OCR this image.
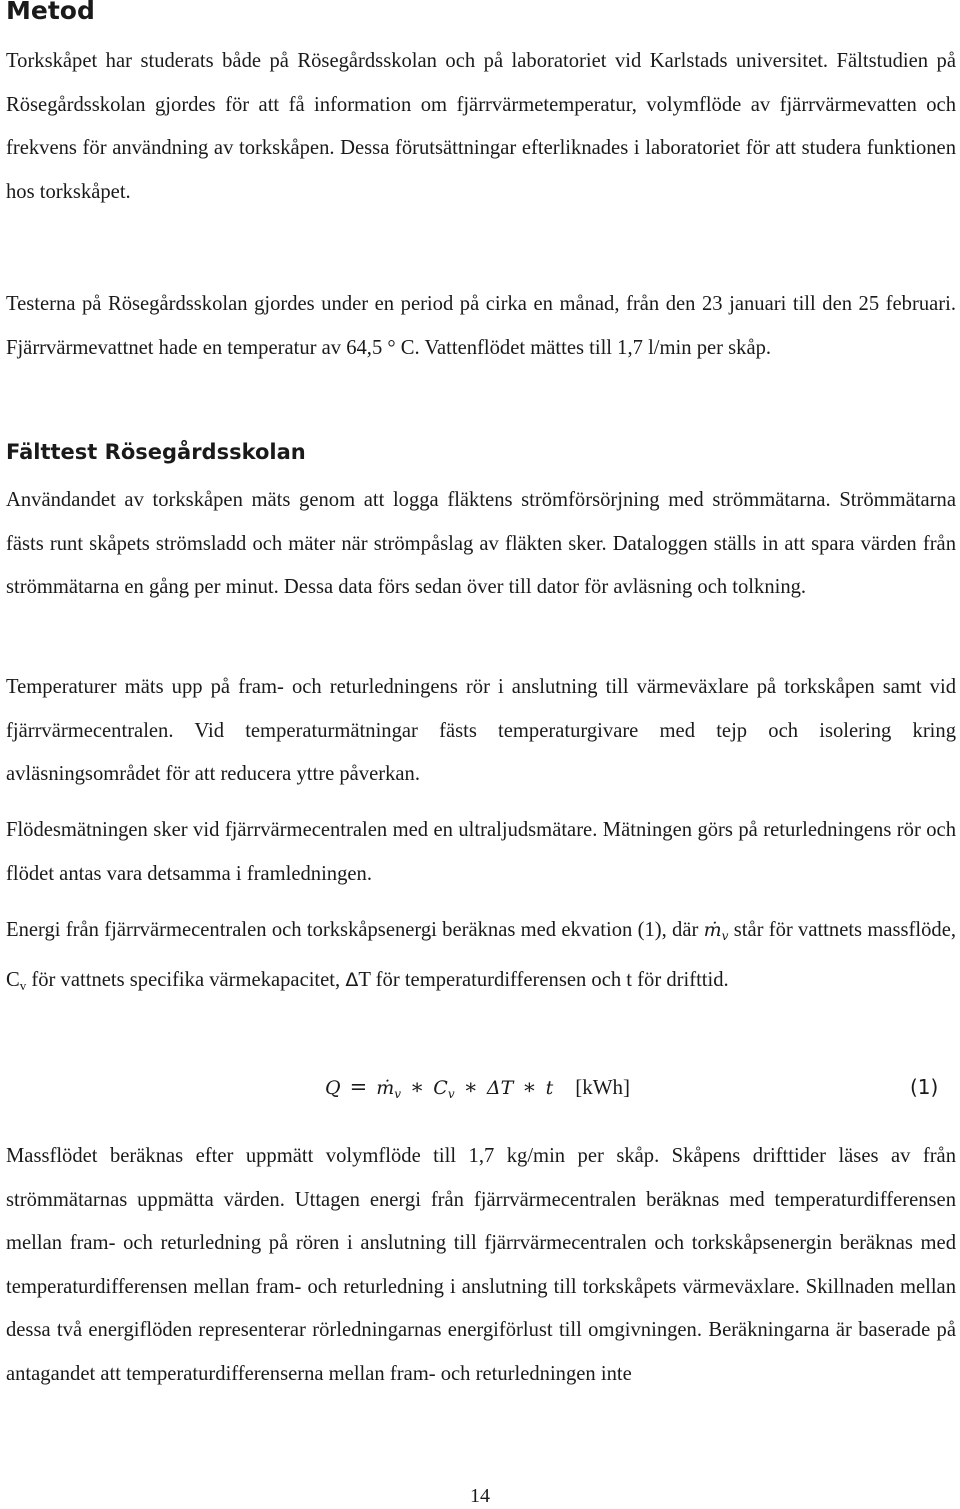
Metod

Torkskåpet har studerats både på Rösegårdsskolan och på laboratoriet vid Karlstads universitet. Fältstudien på Rösegårdsskolan gjordes för att få information om fjärrvärmetemperatur, volymflöde av fjärrvärmevatten och frekvens för användning av torkskåpen. Dessa förutsättningar efterliknades i laboratoriet för att studera funktionen hos torkskåpet.

Testerna på Rösegårdsskolan gjordes under en period på cirka en månad, från den 23 januari till den 25 februari. Fjärrvärmevattnet hade en temperatur av 64,5 ° C. Vattenflödet mättes till 1,7 l/min per skåp.

Fälttest Rösegårdsskolan

Användandet av torkskåpen mäts genom att logga fläktens strömförsörjning med strömmätarna. Strömmätarna fästs runt skåpets strömsladd och mäter när strömpåslag av fläkten sker. Dataloggen ställs in att spara värden från strömmätarna en gång per minut. Dessa data förs sedan över till dator för avläsning och tolkning.

Temperaturer mäts upp på fram- och returledningens rör i anslutning till värmeväxlare på torkskåpen samt vid fjärrvärmecentralen. Vid temperaturmätningar fästs temperaturgivare med tejp och isolering kring avläsningsområdet för att reducera yttre påverkan.

Flödesmätningen sker vid fjärrvärmecentralen med en ultraljudsmätare. Mätningen görs på returledningens rör och flödet antas vara detsamma i framledningen.

Energi från fjärrvärmecentralen och torkskåpsenergi beräknas med ekvation (1), där ṁv står för vattnets massflöde, Cv för vattnets specifika värmekapacitet, ΔT för temperaturdifferensen och t för drifttid.

Q = ṁv ∗ Cv ∗ ΔT ∗ t [kWh]	(1)

Massflödet beräknas efter uppmätt volymflöde till 1,7 kg/min per skåp. Skåpens drifttider läses av från strömmätarnas uppmätta värden. Uttagen energi från fjärrvärmecentralen beräknas med temperaturdifferensen mellan fram- och returledning på rören i anslutning till fjärrvärmecentralen och torkskåpsenergin beräknas med temperaturdifferensen mellan fram- och returledning i anslutning till torkskåpets värmeväxlare. Skillnaden mellan dessa två energiflöden representerar rörledningarnas energiförlust till omgivningen. Beräkningarna är baserade på antagandet att temperaturdifferenserna mellan fram- och returledningen inte

14
